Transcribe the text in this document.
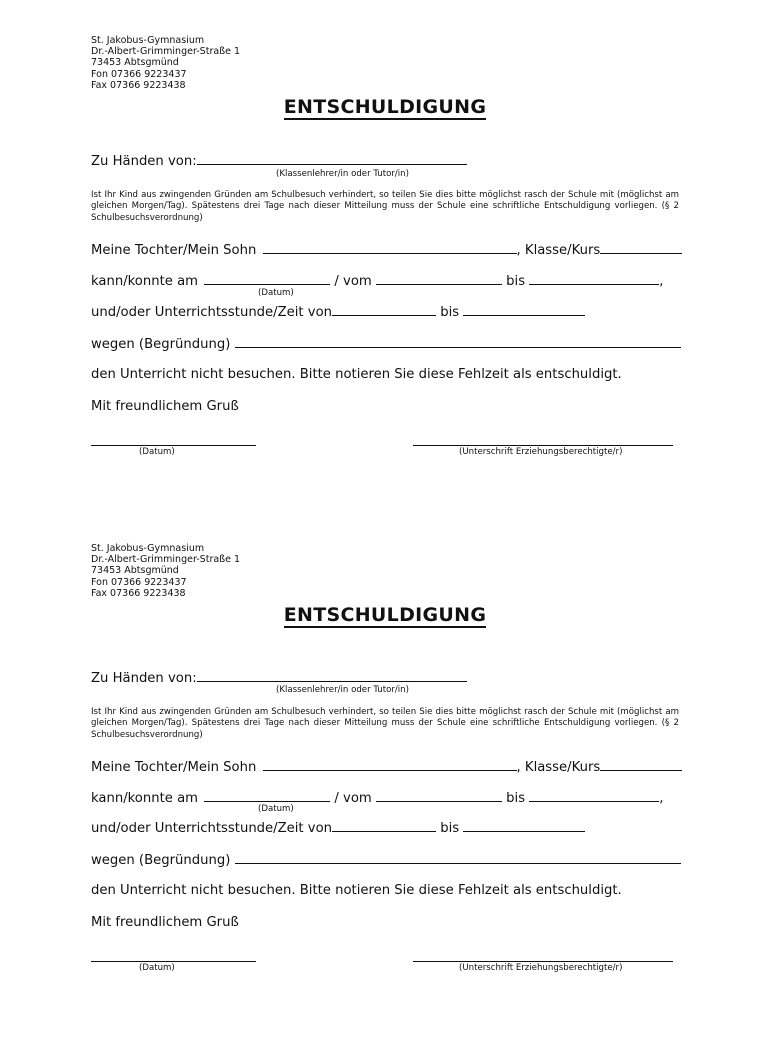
St. Jakobus-Gymnasium
Dr.-Albert-Grimminger-Straße 1
73453 Abtsgmünd
Fon 07366 9223437
Fax 07366 9223438
ENTSCHULDIGUNG
Zu Händen von:
(Klassenlehrer/in oder Tutor/in)
Ist Ihr Kind aus zwingenden Gründen am Schulbesuch verhindert, so teilen Sie dies bitte möglichst rasch der Schule mit (möglichst am gleichen Morgen/Tag). Spätestens drei Tage nach dieser Mitteilung muss der Schule eine schriftliche Entschuldigung vorliegen. (§ 2 Schulbesuchsverordnung)
Meine Tochter/Mein Sohn	, Klasse/Kurs
kann/konnte am	/ vom	bis	,
(Datum)
und/oder Unterrichtsstunde/Zeit von	bis
wegen (Begründung)
den Unterricht nicht besuchen. Bitte notieren Sie diese Fehlzeit als entschuldigt.
Mit freundlichem Gruß
(Datum)	(Unterschrift Erziehungsberechtigte/r)
St. Jakobus-Gymnasium
Dr.-Albert-Grimminger-Straße 1
73453 Abtsgmünd
Fon 07366 9223437
Fax 07366 9223438
ENTSCHULDIGUNG
Zu Händen von:
(Klassenlehrer/in oder Tutor/in)
Ist Ihr Kind aus zwingenden Gründen am Schulbesuch verhindert, so teilen Sie dies bitte möglichst rasch der Schule mit (möglichst am gleichen Morgen/Tag). Spätestens drei Tage nach dieser Mitteilung muss der Schule eine schriftliche Entschuldigung vorliegen. (§ 2 Schulbesuchsverordnung)
Meine Tochter/Mein Sohn	, Klasse/Kurs
kann/konnte am	/ vom	bis	,
(Datum)
und/oder Unterrichtsstunde/Zeit von	bis
wegen (Begründung)
den Unterricht nicht besuchen. Bitte notieren Sie diese Fehlzeit als entschuldigt.
Mit freundlichem Gruß
(Datum)	(Unterschrift Erziehungsberechtigte/r)
